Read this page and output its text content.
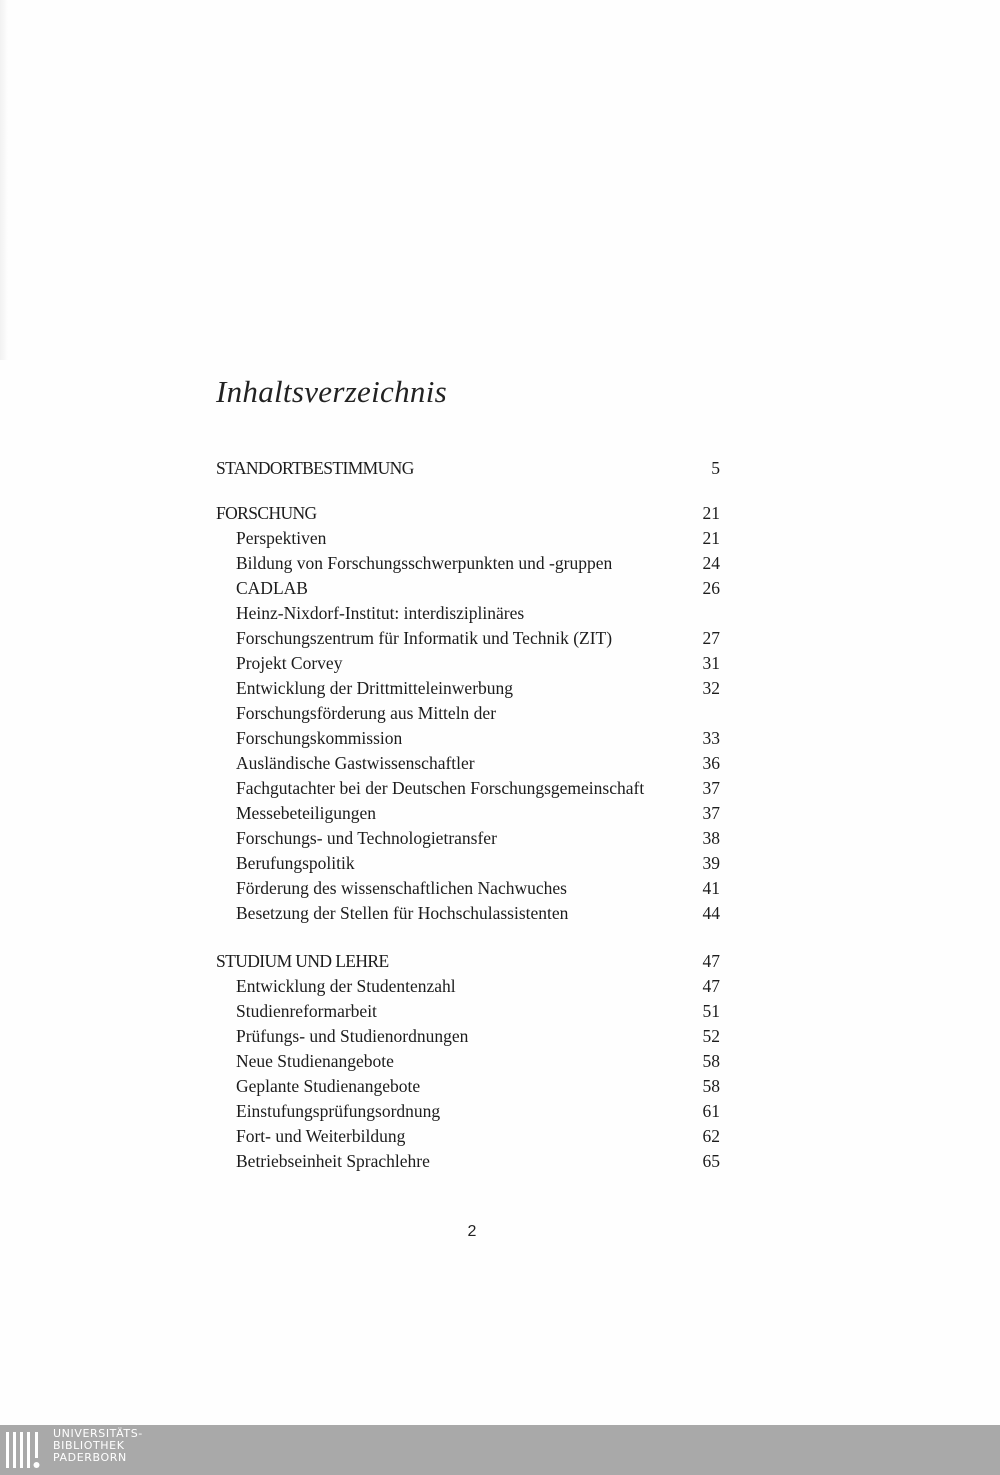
Inhaltsverzeichnis
STANDORTBESTIMMUNG	5
FORSCHUNG	21
Perspektiven	21
Bildung von Forschungsschwerpunkten und -gruppen	24
CADLAB	26
Heinz-Nixdorf-Institut: interdisziplinäres
Forschungszentrum für Informatik und Technik (ZIT)	27
Projekt Corvey	31
Entwicklung der Drittmitteleinwerbung	32
Forschungsförderung aus Mitteln der
Forschungskommission	33
Ausländische Gastwissenschaftler	36
Fachgutachter bei der Deutschen Forschungsgemeinschaft	37
Messebeteiligungen	37
Forschungs- und Technologietransfer	38
Berufungspolitik	39
Förderung des wissenschaftlichen Nachwuches	41
Besetzung der Stellen für Hochschulassistenten	44
STUDIUM UND LEHRE	47
Entwicklung der Studentenzahl	47
Studienreformarbeit	51
Prüfungs- und Studienordnungen	52
Neue Studienangebote	58
Geplante Studienangebote	58
Einstufungsprüfungsordnung	61
Fort- und Weiterbildung	62
Betriebseinheit Sprachlehre	65
2
UNIVERSITÄTS-
BIBLIOTHEK
PADERBORN
